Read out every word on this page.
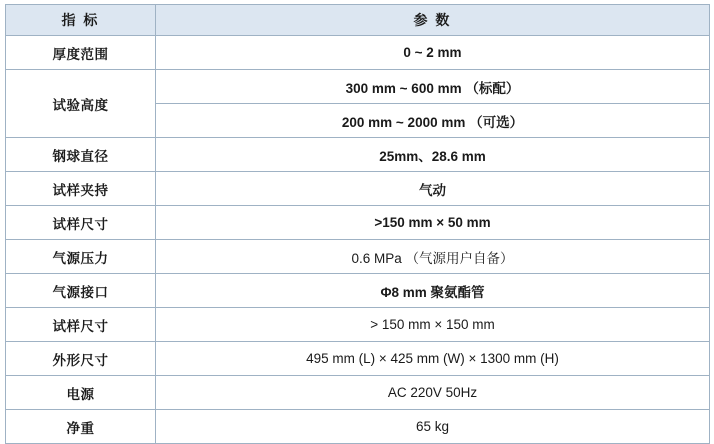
指 标	参 数
厚度范围	0 ~ 2 mm
试验高度	300 mm ~ 600 mm （标配）
	200 mm ~ 2000 mm （可选）
钢球直径	25mm、28.6 mm
试样夹持	气动
试样尺寸	>150 mm × 50 mm
气源压力	0.6 MPa （气源用户自备）
气源接口	Φ8 mm 聚氨酯管
试样尺寸	> 150 mm × 150 mm
外形尺寸	495 mm (L) × 425 mm (W) × 1300 mm (H)
电源	AC 220V 50Hz
净重	65 kg
